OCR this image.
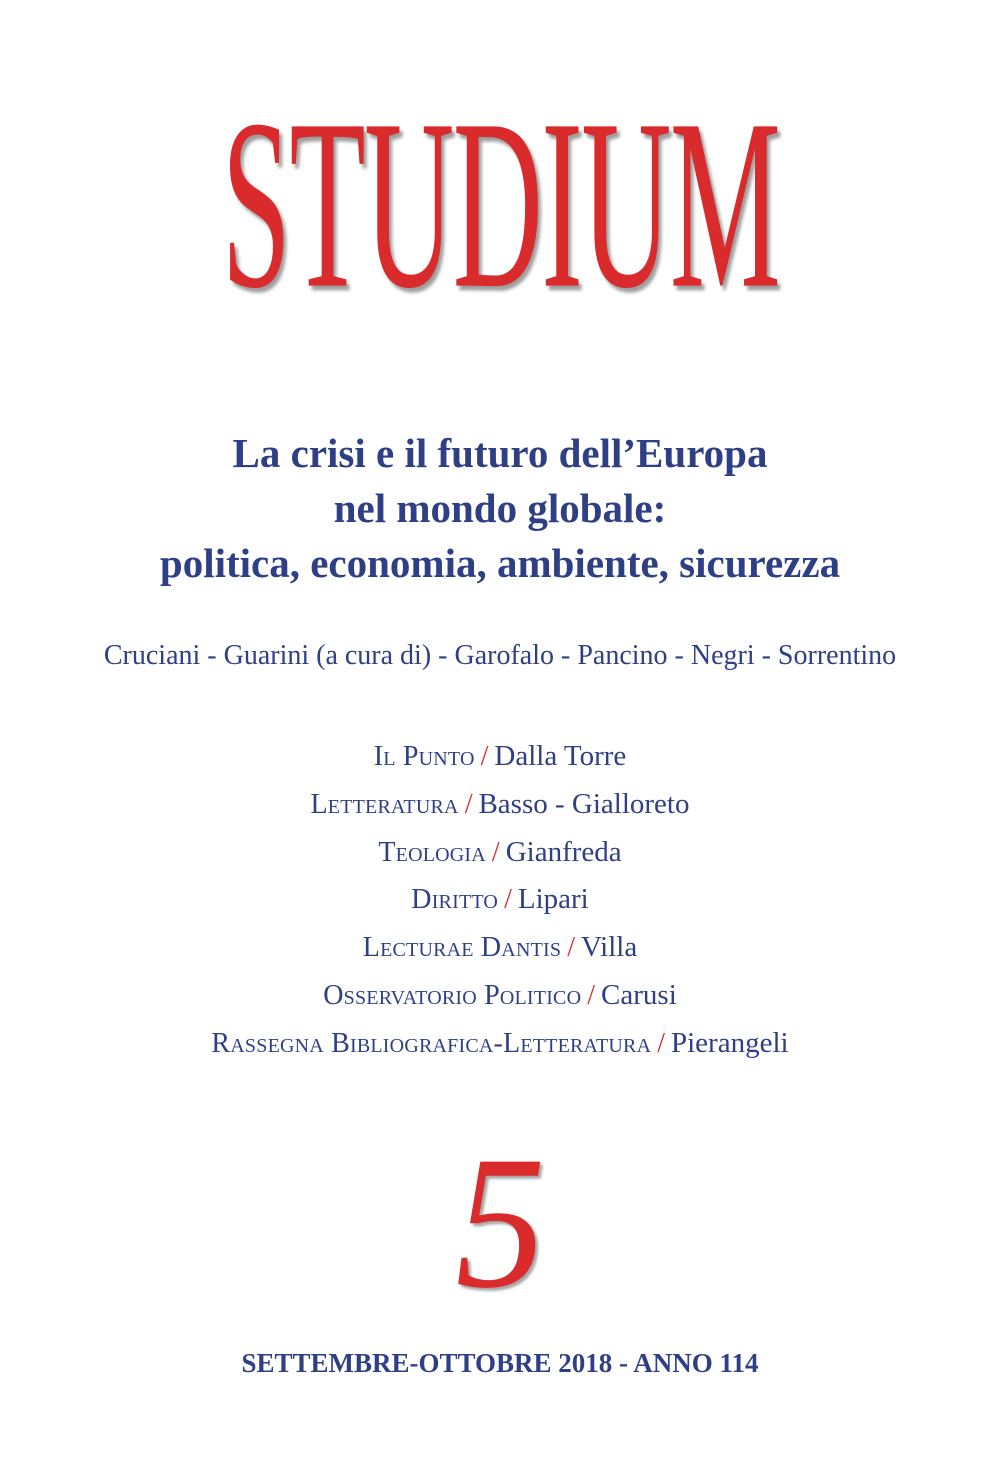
STUDIUM
La crisi e il futuro dell’Europa
nel mondo globale:
politica, economia, ambiente, sicurezza
Cruciani - Guarini (a cura di) - Garofalo - Pancino - Negri - Sorrentino
Il Punto / Dalla Torre
Letteratura / Basso - Gialloreto
Teologia / Gianfreda
Diritto / Lipari
Lecturae Dantis / Villa
Osservatorio Politico / Carusi
Rassegna Bibliografica-Letteratura / Pierangeli
5
SETTEMBRE-OTTOBRE 2018 - ANNO 114
